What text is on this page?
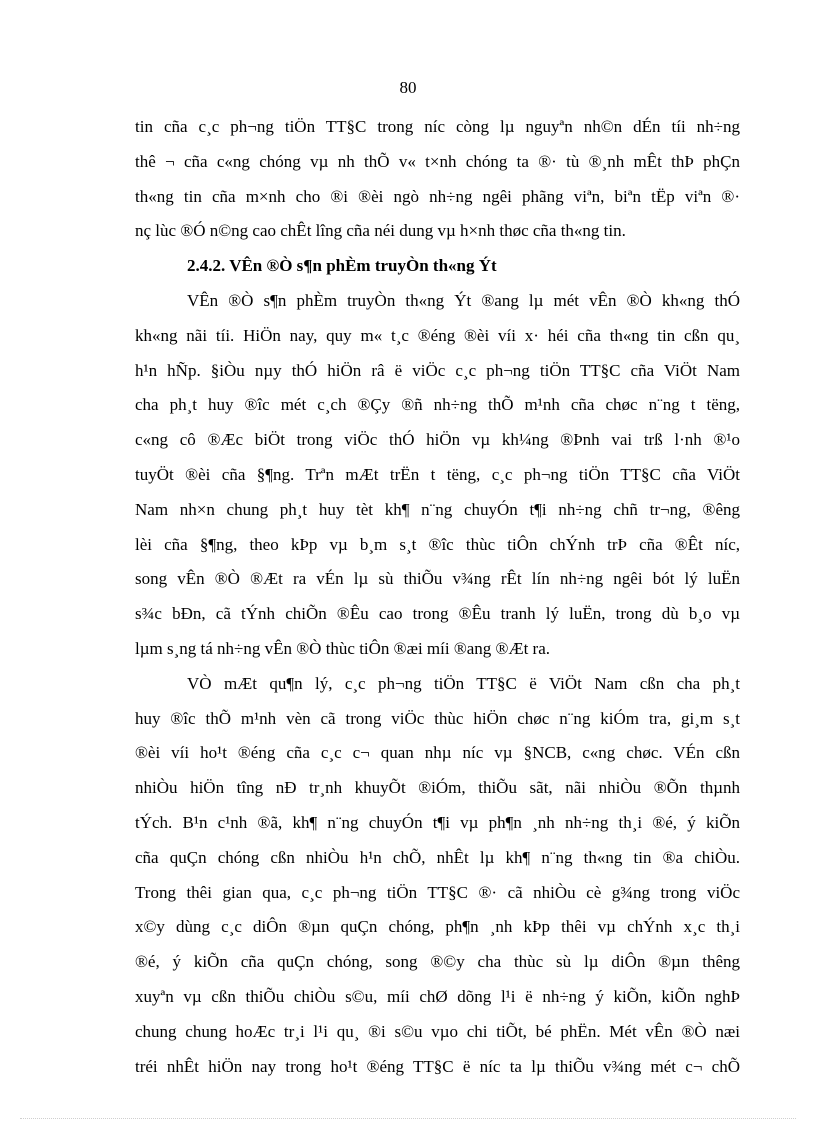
80
tin cña c¸c ph¬ng tiÖn TT§C trong níc còng lµ nguyªn nh©n dÉn tíi nh÷ng
thê ¬ cña c«ng chóng vµ nh thÕ v« t×nh chóng ta ®· tù ®¸nh mÊt thÞ phÇn
th«ng tin cña m×nh cho ®i ®èi ngò nh÷ng ngêi phãng viªn, biªn tËp viªn ®·
nç lùc ®Ó n©ng cao chÊt lîng cña néi dung vµ h×nh thøc cña th«ng tin.
2.4.2. VÊn ®Ò s¶n phÈm truyÒn th«ng Ýt
VÊn ®Ò s¶n phÈm truyÒn th«ng Ýt ®ang lµ mét vÊn ®Ò kh«ng thÓ
kh«ng nãi tíi. HiÖn nay, quy m« t¸c ®éng ®èi víi x· héi cña th«ng tin cßn qu¸
h¹n hÑp. §iÒu nµy thÓ hiÖn râ ë viÖc c¸c ph¬ng tiÖn TT§C cña ViÖt Nam
cha ph¸t huy ®îc mét c¸ch ®Çy ®ñ nh÷ng thÕ m¹nh cña chøc n¨ng t tëng,
c«ng cô ®Æc biÖt trong viÖc thÓ hiÖn vµ kh¼ng ®Þnh vai trß l·nh ®¹o
tuyÖt ®èi cña §¶ng. Trªn mÆt trËn t tëng, c¸c ph¬ng tiÖn TT§C cña ViÖt
Nam nh×n chung ph¸t huy tèt kh¶ n¨ng chuyÓn t¶i nh÷ng chñ tr¬ng, ®êng
lèi cña §¶ng, theo kÞp vµ b¸m s¸t ®îc thùc tiÔn chÝnh trÞ cña ®Êt níc,
song vÊn ®Ò ®Æt ra vÉn lµ sù thiÕu v¾ng rÊt lín nh÷ng ngêi bót lý luËn
s¾c bÐn, cã tÝnh chiÕn ®Êu cao trong ®Êu tranh lý luËn, trong dù b¸o vµ
lµm s¸ng tá nh÷ng vÊn ®Ò thùc tiÔn ®æi míi ®ang ®Æt ra.
VÒ mÆt qu¶n lý, c¸c ph¬ng tiÖn TT§C ë ViÖt Nam cßn cha ph¸t
huy ®îc thÕ m¹nh vèn cã trong viÖc thùc hiÖn chøc n¨ng kiÓm tra, gi¸m s¸t
®èi víi ho¹t ®éng cña c¸c c¬ quan nhµ níc vµ §NCB, c«ng chøc. VÉn cßn
nhiÒu hiÖn tîng nÐ tr¸nh khuyÕt ®iÓm, thiÕu sãt, nãi nhiÒu ®Õn thµnh
tÝch. B¹n c¹nh ®ã, kh¶ n¨ng chuyÓn t¶i vµ ph¶n ¸nh nh÷ng th¸i ®é, ý kiÕn
cña quÇn chóng cßn nhiÒu h¹n chÕ, nhÊt lµ kh¶ n¨ng th«ng tin ®a chiÒu.
Trong thêi gian qua, c¸c ph¬ng tiÖn TT§C ®· cã nhiÒu cè g¾ng trong viÖc
x©y dùng c¸c diÔn ®µn quÇn chóng, ph¶n ¸nh kÞp thêi vµ chÝnh x¸c th¸i
®é, ý kiÕn cña quÇn chóng, song ®©y cha thùc sù lµ diÔn ®µn thêng
xuyªn vµ cßn thiÕu chiÒu s©u, míi chØ dõng l¹i ë nh÷ng ý kiÕn, kiÕn nghÞ
chung chung hoÆc tr¸i l¹i qu¸ ®i s©u vµo chi tiÕt, bé phËn. Mét vÊn ®Ò næi
tréi nhÊt hiÖn nay trong ho¹t ®éng TT§C ë níc ta lµ thiÕu v¾ng mét c¬ chÕ
